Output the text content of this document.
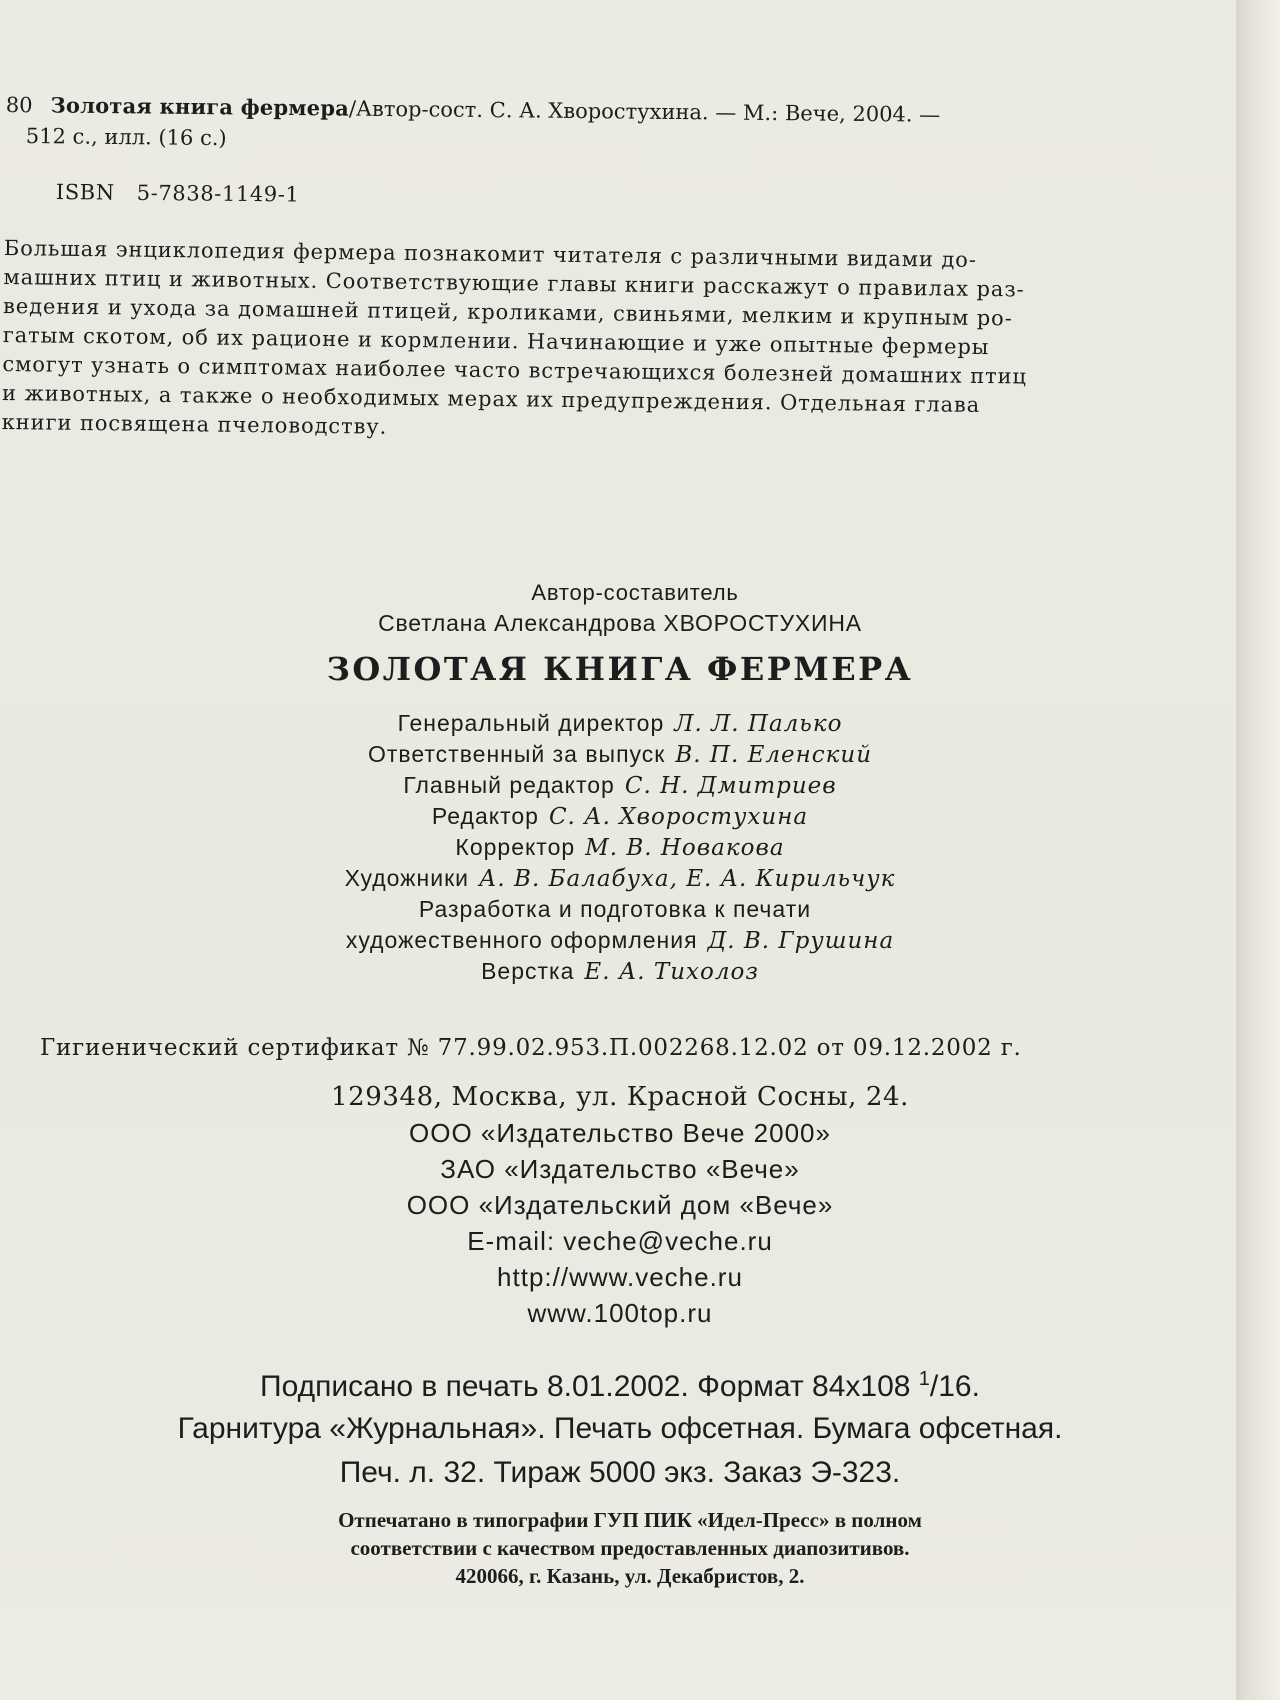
80 Золотая книга фермера/Автор-сост. С. А. Хворостухина. — М.: Вече, 2004. —
512 с., илл. (16 с.)
ISBN 5-7838-1149-1
Большая энциклопедия фермера познакомит читателя с различными видами до-
машних птиц и животных. Соответствующие главы книги расскажут о правилах раз-
ведения и ухода за домашней птицей, кроликами, свиньями, мелким и крупным ро-
гатым скотом, об их рационе и кормлении. Начинающие и уже опытные фермеры
смогут узнать о симптомах наиболее часто встречающихся болезней домашних птиц
и животных, а также о необходимых мерах их предупреждения. Отдельная глава
книги посвящена пчеловодству.
Автор-составитель
Светлана Александрова ХВОРОСТУХИНА
ЗОЛОТАЯ КНИГА ФЕРМЕРА
Генеральный директор Л. Л. Палько
Ответственный за выпуск В. П. Еленский
Главный редактор С. Н. Дмитриев
Редактор С. А. Хворостухина
Корректор М. В. Новакова
Художники А. В. Балабуха, Е. А. Кирильчук
Разработка и подготовка к печати
художественного оформления Д. В. Грушина
Верстка Е. А. Тихолоз
Гигиенический сертификат № 77.99.02.953.П.002268.12.02 от 09.12.2002 г.
129348, Москва, ул. Красной Сосны, 24.
ООО «Издательство Вече 2000»
ЗАО «Издательство «Вече»
ООО «Издательский дом «Вече»
E-mail: veche@veche.ru
http://www.veche.ru
www.100top.ru
Подписано в печать 8.01.2002. Формат 84x108 $^1$/16.
Гарнитура «Журнальная». Печать офсетная. Бумага офсетная.
Печ. л. 32. Тираж 5000 экз. Заказ Э-323.
Отпечатано в типографии ГУП ПИК «Идел-Пресс» в полном
соответствии с качеством предоставленных диапозитивов.
420066, г. Казань, ул. Декабристов, 2.
